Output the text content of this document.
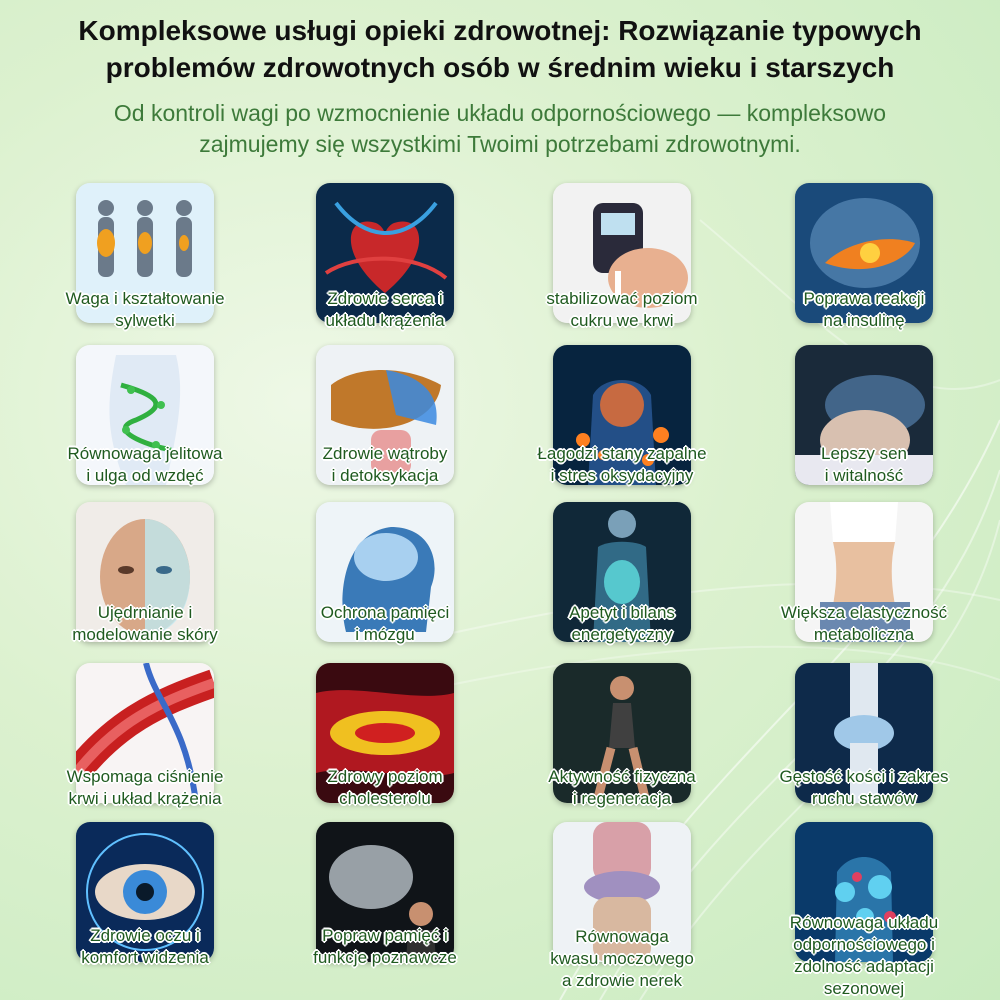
Kompleksowe usługi opieki zdrowotnej: Rozwiązanie typowych
problemów zdrowotnych osób w średnim wieku i starszych
Od kontroli wagi po wzmocnienie układu odpornościowego — kompleksowo
zajmujemy się wszystkimi Twoimi potrzebami zdrowotnymi.
Waga i kształtowanie
sylwetki
Zdrowie serca i
układu krążenia
stabilizować poziom
cukru we krwi
Poprawa reakcji
na insulinę
Równowaga jelitowa
i ulga od wzdęć
Zdrowie wątroby
i detoksykacja
Łagodzi stany zapalne
i stres oksydacyjny
Lepszy sen
i witalność
Ujędrnianie i
modelowanie skóry
Ochrona pamięci
i mózgu
Apetyt i bilans
energetyczny
Większa elastyczność
metaboliczna
Wspomaga ciśnienie
krwi i układ krążenia
Zdrowy poziom
cholesterolu
Aktywność fizyczna
i regeneracja
Gęstość kości i zakres
ruchu stawów
Zdrowie oczu i
komfort widzenia
Popraw pamięć i
funkcje poznawcze
Równowaga
kwasu moczowego
a zdrowie nerek
Równowaga układu
odpornościowego i
zdolność adaptacji
sezonowej
